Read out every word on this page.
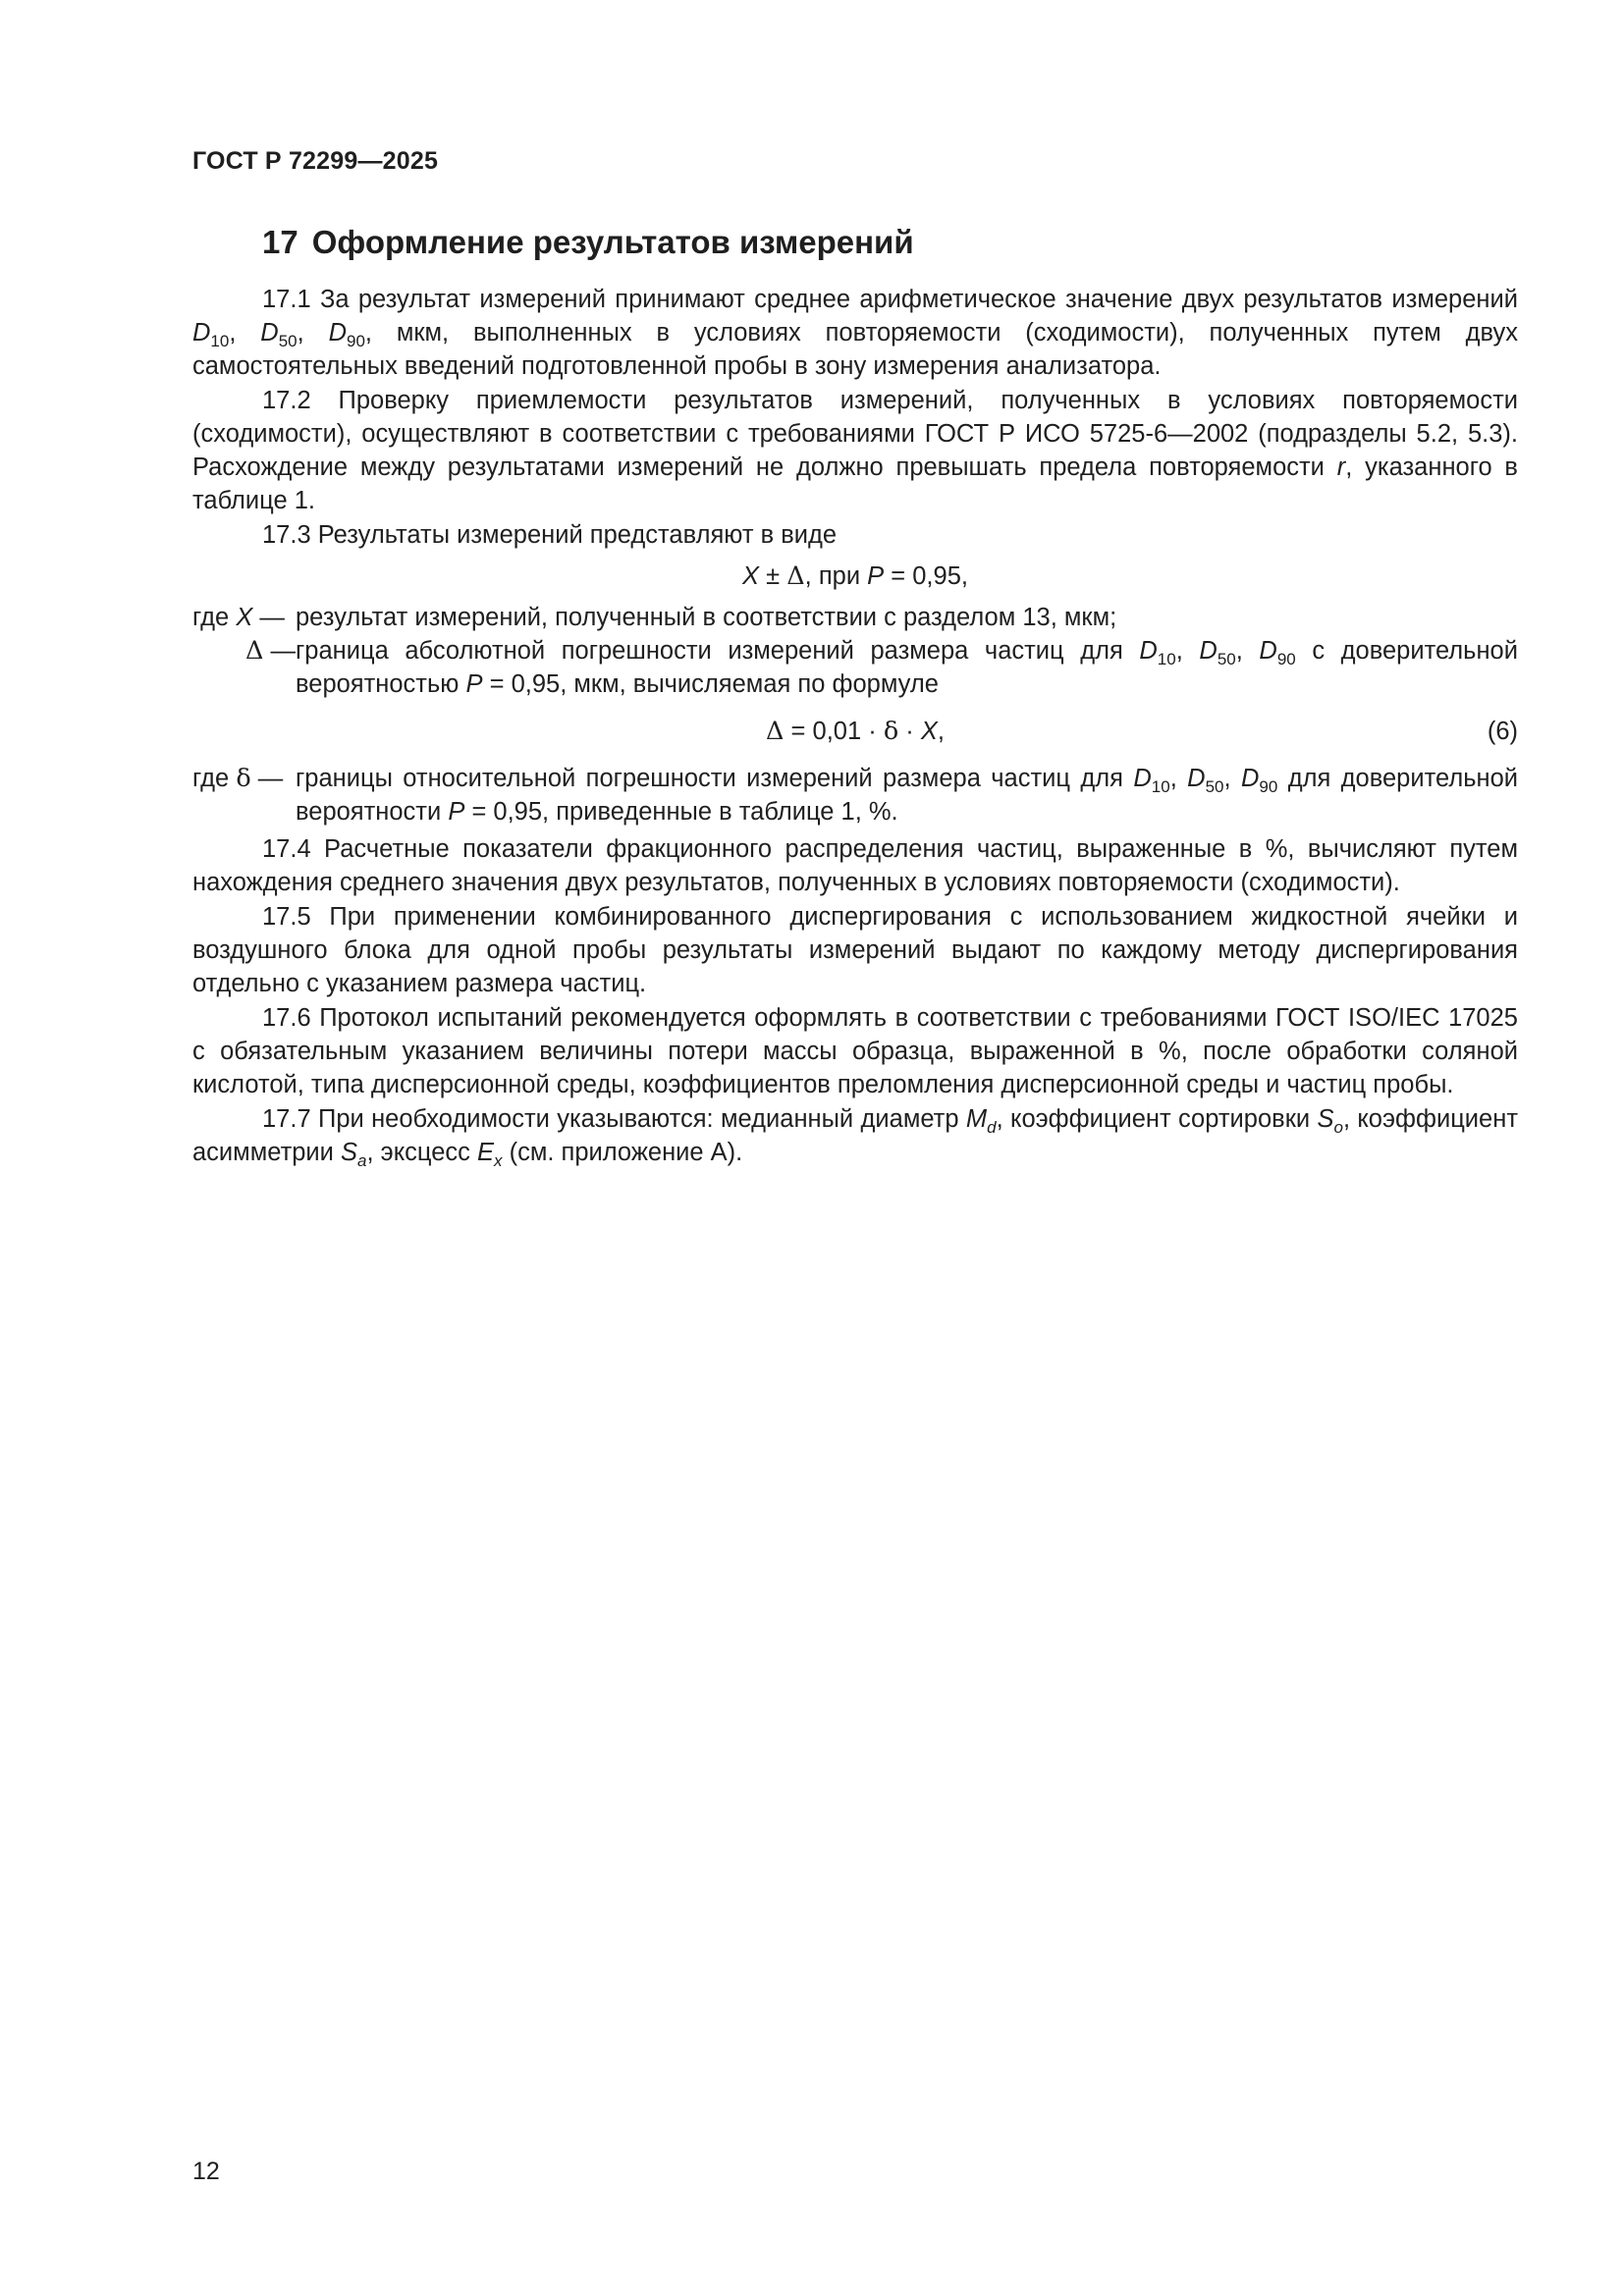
ГОСТ Р 72299—2025
17 Оформление результатов измерений

17.1 За результат измерений принимают среднее арифметическое значение двух результатов измерений $D_{10}$, $D_{50}$, $D_{90}$, мкм, выполненных в условиях повторяемости (сходимости), полученных путем двух самостоятельных введений подготовленной пробы в зону измерения анализатора.

17.2 Проверку приемлемости результатов измерений, полученных в условиях повторяемости (сходимости), осуществляют в соответствии с требованиями ГОСТ Р ИСО 5725-6—2002 (подразделы 5.2, 5.3). Расхождение между результатами измерений не должно превышать предела повторяемости r, указанного в таблице 1.

17.3 Результаты измерений представляют в виде

X ± Δ, при P = 0,95,
где X — результат измерений, полученный в соответствии с разделом 13, мкм;
Δ — граница абсолютной погрешности измерений размера частиц для $D_{10}$, $D_{50}$, $D_{90}$ с доверительной вероятностью P = 0,95, мкм, вычисляемая по формуле
Δ = 0,01 · δ · X,	(6)
где δ — границы относительной погрешности измерений размера частиц для $D_{10}$, $D_{50}$, $D_{90}$ для доверительной вероятности P = 0,95, приведенные в таблице 1, %.

17.4 Расчетные показатели фракционного распределения частиц, выраженные в %, вычисляют путем нахождения среднего значения двух результатов, полученных в условиях повторяемости (сходимости).

17.5 При применении комбинированного диспергирования с использованием жидкостной ячейки и воздушного блока для одной пробы результаты измерений выдают по каждому методу диспергирования отдельно с указанием размера частиц.

17.6 Протокол испытаний рекомендуется оформлять в соответствии с требованиями ГОСТ ISO/IEC 17025 с обязательным указанием величины потери массы образца, выраженной в %, после обработки соляной кислотой, типа дисперсионной среды, коэффициентов преломления дисперсионной среды и частиц пробы.

17.7 При необходимости указываются: медианный диаметр $M_d$, коэффициент сортировки $S_o$, коэффициент асимметрии $S_a$, эксцесс $E_x$ (см. приложение А).

12
